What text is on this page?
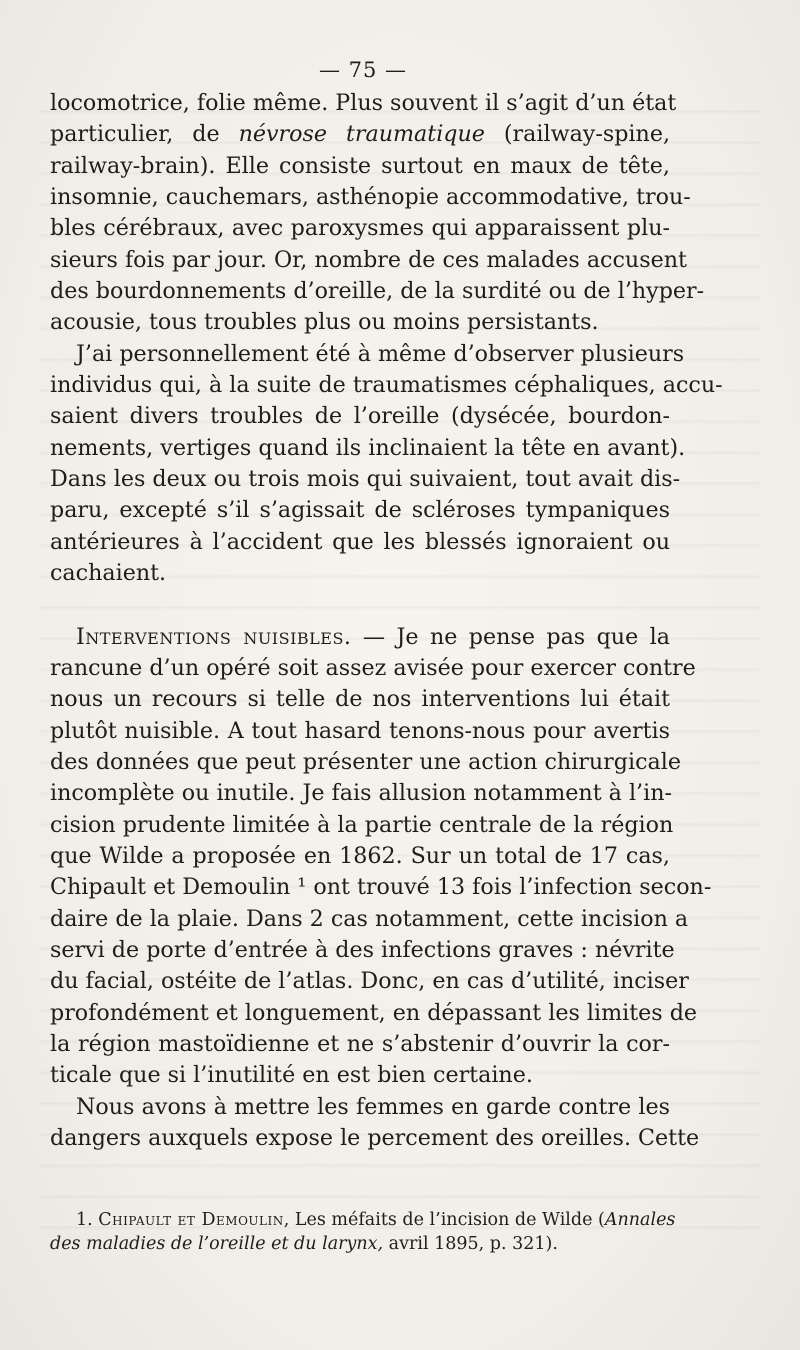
— 75 —
locomotrice, folie même. Plus souvent il s’agit d’un état
particulier, de névrose traumatique (railway-spine,
railway-brain). Elle consiste surtout en maux de tête,
insomnie, cauchemars, asthénopie accommodative, trou-
bles cérébraux, avec paroxysmes qui apparaissent plu-
sieurs fois par jour. Or, nombre de ces malades accusent
des bourdonnements d’oreille, de la surdité ou de l’hyper-
acousie, tous troubles plus ou moins persistants.
J’ai personnellement été à même d’observer plusieurs
individus qui, à la suite de traumatismes céphaliques, accu-
saient divers troubles de l’oreille (dysécée, bourdon-
nements, vertiges quand ils inclinaient la tête en avant).
Dans les deux ou trois mois qui suivaient, tout avait dis-
paru, excepté s’il s’agissait de scléroses tympaniques
antérieures à l’accident que les blessés ignoraient ou
cachaient.
Interventions nuisibles. — Je ne pense pas que la
rancune d’un opéré soit assez avisée pour exercer contre
nous un recours si telle de nos interventions lui était
plutôt nuisible. A tout hasard tenons-nous pour avertis
des données que peut présenter une action chirurgicale
incomplète ou inutile. Je fais allusion notamment à l’in-
cision prudente limitée à la partie centrale de la région
que Wilde a proposée en 1862. Sur un total de 17 cas,
Chipault et Demoulin ¹ ont trouvé 13 fois l’infection secon-
daire de la plaie. Dans 2 cas notamment, cette incision a
servi de porte d’entrée à des infections graves : névrite
du facial, ostéite de l’atlas. Donc, en cas d’utilité, inciser
profondément et longuement, en dépassant les limites de
la région mastoïdienne et ne s’abstenir d’ouvrir la cor-
ticale que si l’inutilité en est bien certaine.
Nous avons à mettre les femmes en garde contre les
dangers auxquels expose le percement des oreilles. Cette
1. Chipault et Demoulin, Les méfaits de l’incision de Wilde (Annales
des maladies de l’oreille et du larynx, avril 1895, p. 321).
